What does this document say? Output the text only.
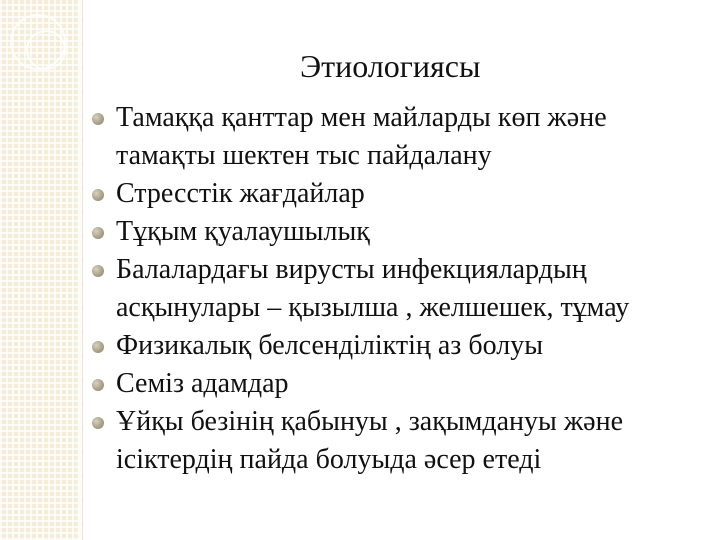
Этиологиясы
Тамаққа қанттар мен майларды көп және тамақты шектен тыс пайдалану
Стресстік жағдайлар
Тұқым қуалаушылық
Балалардағы вирусты инфекциялардың асқынулары – қызылша , желшешек, тұмау
Физикалық белсенділіктің аз болуы
Семіз адамдар
Ұйқы безінің қабынуы , зақымдануы және ісіктердің пайда болуыда әсер етеді
